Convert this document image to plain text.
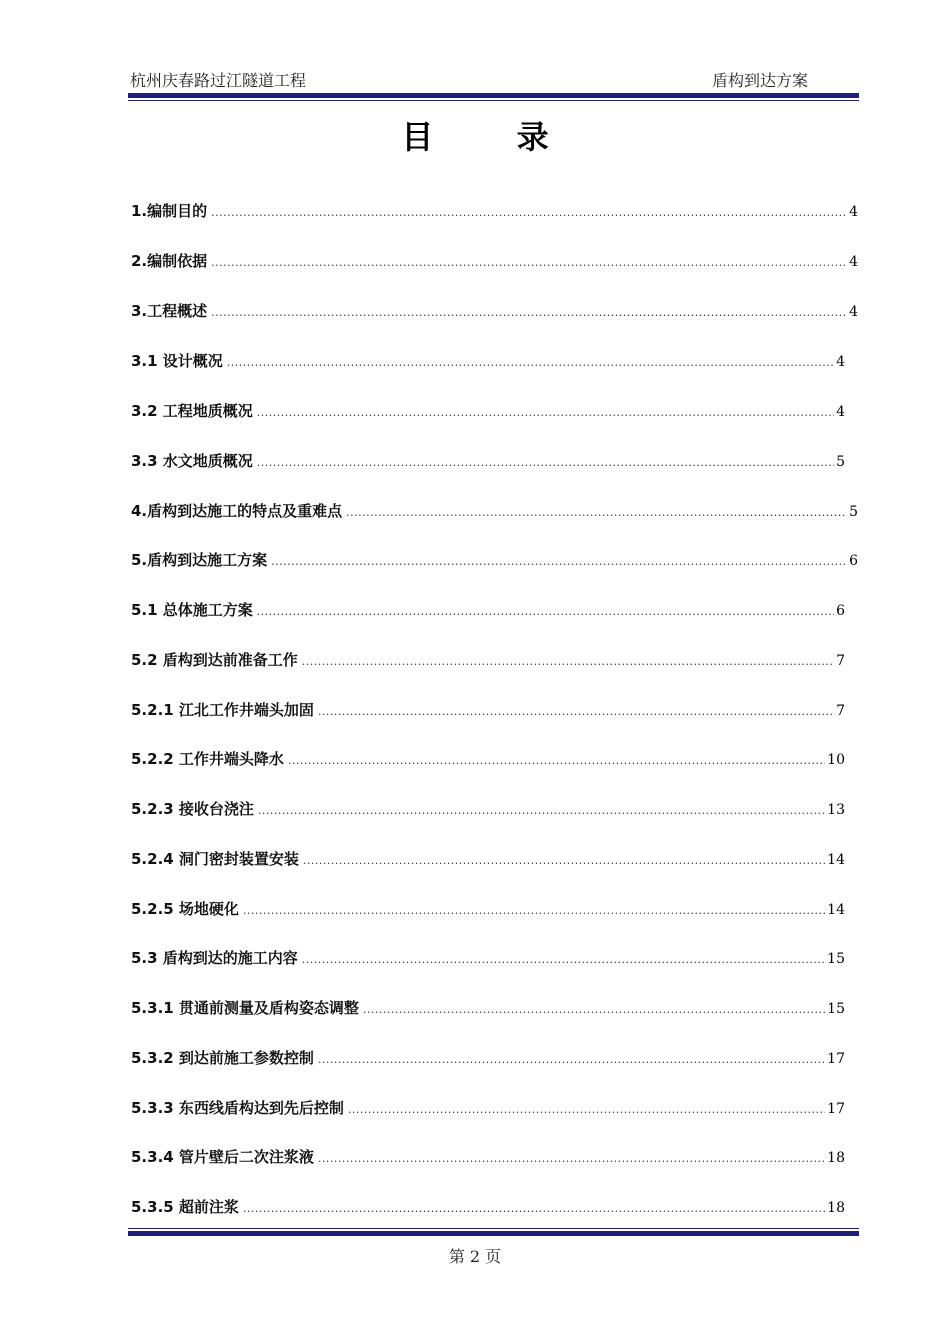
杭州庆春路过江隧道工程	盾构到达方案
目 录
1.编制目的 .....	4
2.编制依据 .....	4
3.工程概述 .....	4
3.1 设计概况 .....	4
3.2 工程地质概况 .....	4
3.3 水文地质概况 .....	5
4.盾构到达施工的特点及重难点 .....	5
5.盾构到达施工方案 .....	6
5.1 总体施工方案 .....	6
5.2 盾构到达前准备工作 .....	7
5.2.1 江北工作井端头加固 .....	7
5.2.2 工作井端头降水 .....	10
5.2.3 接收台浇注 .....	13
5.2.4 洞门密封装置安装 .....	14
5.2.5 场地硬化 .....	14
5.3 盾构到达的施工内容 .....	15
5.3.1 贯通前测量及盾构姿态调整 .....	15
5.3.2 到达前施工参数控制 .....	17
5.3.3 东西线盾构达到先后控制 .....	17
5.3.4 管片壁后二次注浆液 .....	18
5.3.5 超前注浆 .....	18
第 2 页
